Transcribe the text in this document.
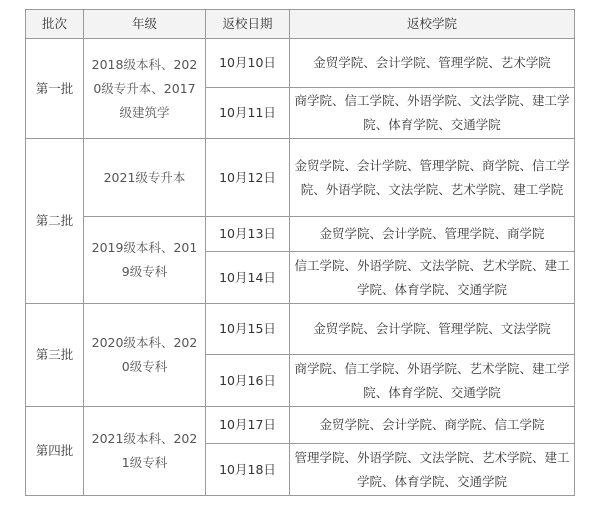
批次	年级	返校日期	返校学院
第一批	2018级本科、2020级专升本、2017级建筑学	10月10日	金贸学院、会计学院、管理学院、艺术学院
		10月11日	商学院、信工学院、外语学院、文法学院、建工学院、体育学院、交通学院
第二批	2021级专升本	10月12日	金贸学院、会计学院、管理学院、商学院、信工学院、外语学院、文法学院、艺术学院、建工学院
	2019级本科、2019级专科	10月13日	金贸学院、会计学院、管理学院、商学院
		10月14日	信工学院、外语学院、文法学院、艺术学院、建工学院、体育学院、交通学院
第三批	2020级本科、2020级专科	10月15日	金贸学院、会计学院、管理学院、文法学院
		10月16日	商学院、信工学院、外语学院、艺术学院、建工学院、体育学院、交通学院
第四批	2021级本科、2021级专科	10月17日	金贸学院、会计学院、商学院、信工学院
		10月18日	管理学院、外语学院、文法学院、艺术学院、建工学院、体育学院、交通学院
